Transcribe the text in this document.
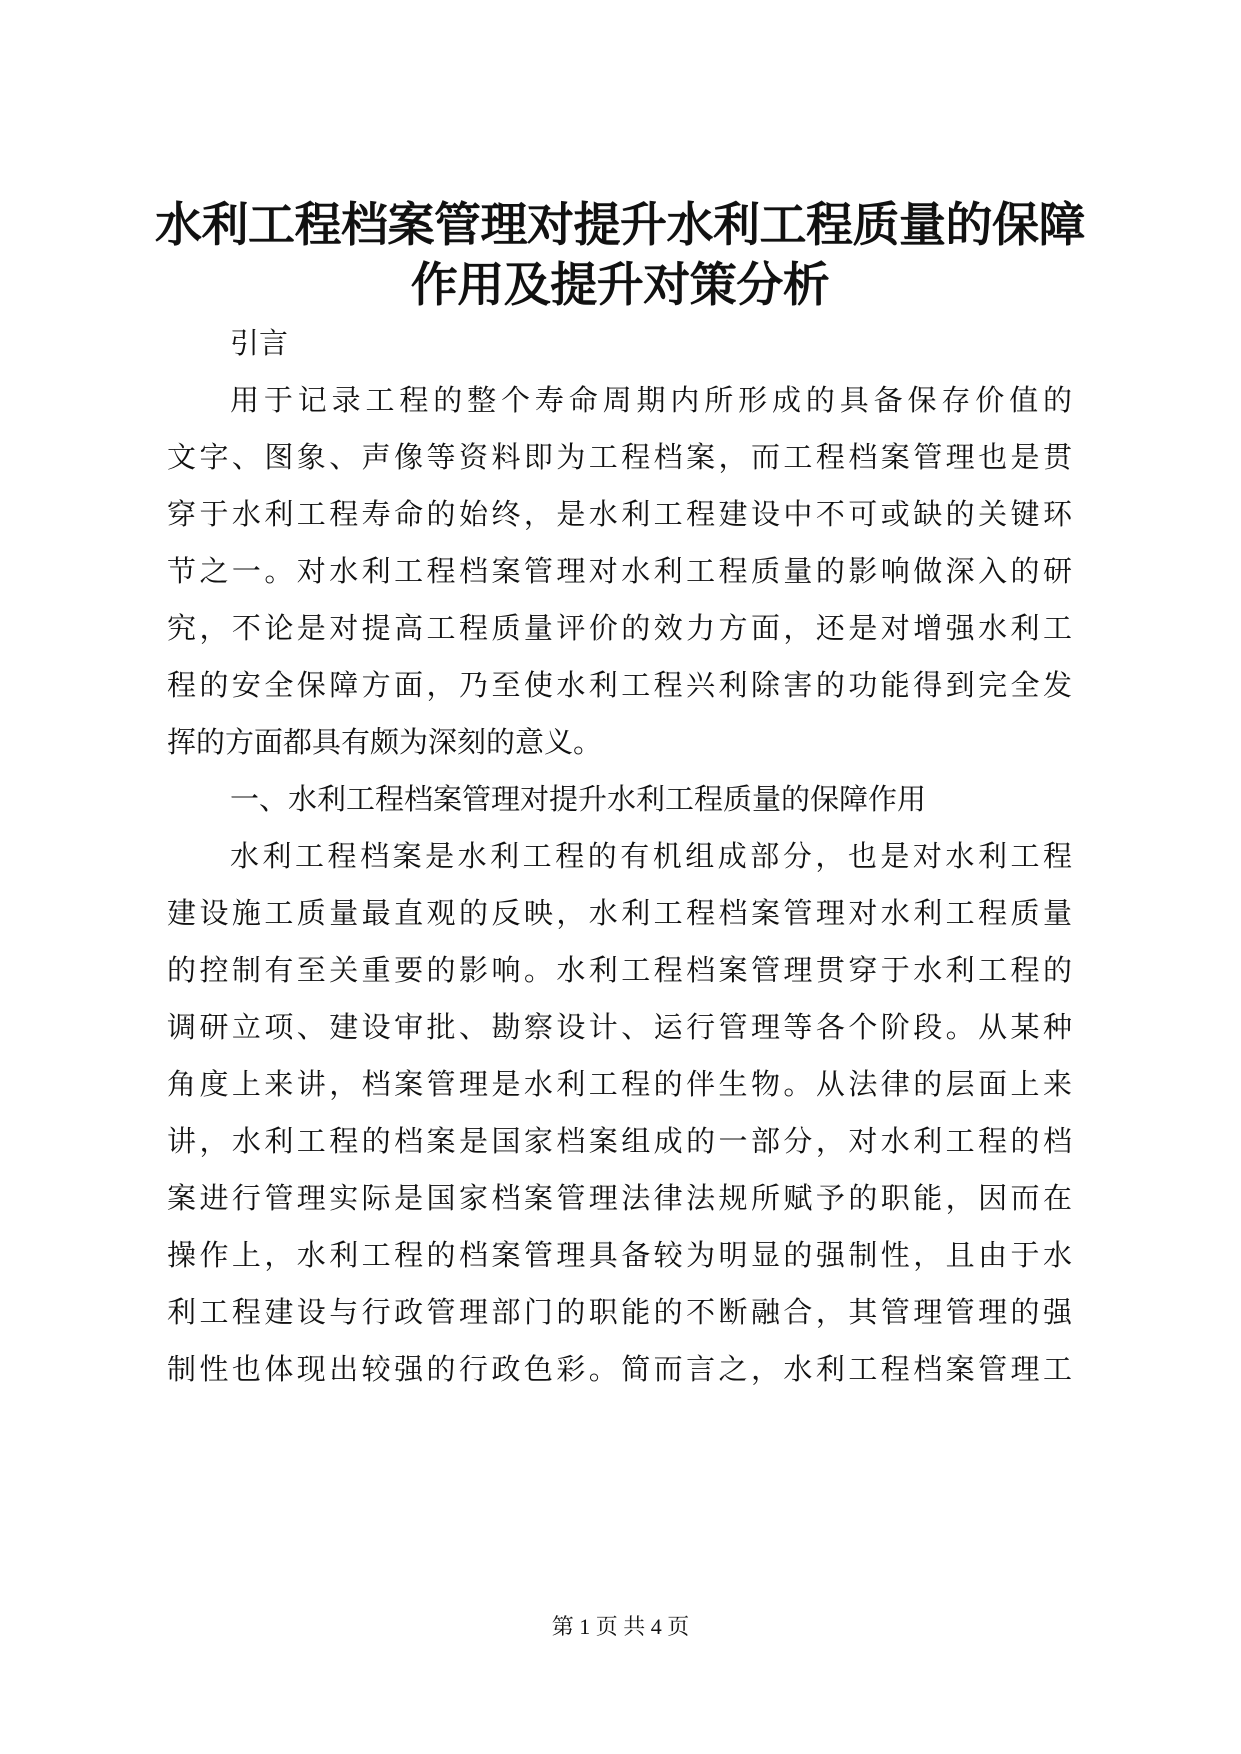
水利工程档案管理对提升水利工程质量的保障
作用及提升对策分析
引言
用于记录工程的整个寿命周期内所形成的具备保存价值的
文字、图象、声像等资料即为工程档案，而工程档案管理也是贯
穿于水利工程寿命的始终，是水利工程建设中不可或缺的关键环
节之一。对水利工程档案管理对水利工程质量的影响做深入的研
究，不论是对提高工程质量评价的效力方面，还是对增强水利工
程的安全保障方面，乃至使水利工程兴利除害的功能得到完全发
挥的方面都具有颇为深刻的意义。
一、水利工程档案管理对提升水利工程质量的保障作用
水利工程档案是水利工程的有机组成部分，也是对水利工程
建设施工质量最直观的反映，水利工程档案管理对水利工程质量
的控制有至关重要的影响。水利工程档案管理贯穿于水利工程的
调研立项、建设审批、勘察设计、运行管理等各个阶段。从某种
角度上来讲，档案管理是水利工程的伴生物。从法律的层面上来
讲，水利工程的档案是国家档案组成的一部分，对水利工程的档
案进行管理实际是国家档案管理法律法规所赋予的职能，因而在
操作上，水利工程的档案管理具备较为明显的强制性，且由于水
利工程建设与行政管理部门的职能的不断融合，其管理管理的强
制性也体现出较强的行政色彩。简而言之，水利工程档案管理工
第 1 页 共 4 页
